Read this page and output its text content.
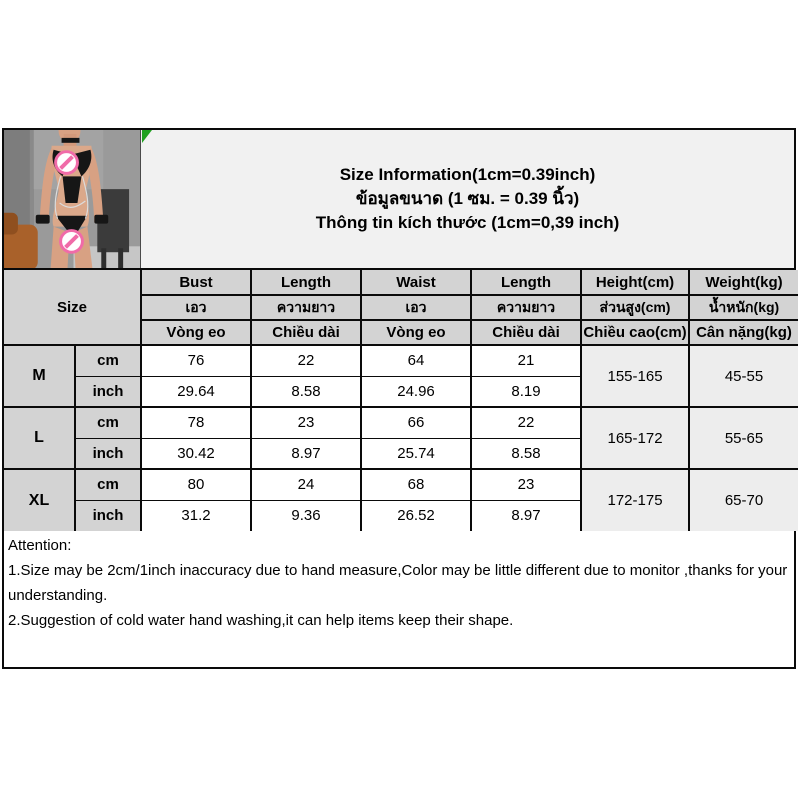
Size Information(1cm=0.39inch)
ข้อมูลขนาด (1 ซม. = 0.39 นิ้ว)
Thông tin kích thước (1cm=0,39 inch)
Size		Bust	Length	Waist	Length	Height(cm)	Weight(kg)
		เอว	ความยาว	เอว	ความยาว	ส่วนสูง(cm)	น้ำหนัก(kg)
		Vòng eo	Chiều dài	Vòng eo	Chiều dài	Chiều cao(cm)	Cân nặng(kg)
M	cm	76	22	64	21	155-165	45-55
	inch	29.64	8.58	24.96	8.19		
L	cm	78	23	66	22	165-172	55-65
	inch	30.42	8.97	25.74	8.58		
XL	cm	80	24	68	23	172-175	65-70
	inch	31.2	9.36	26.52	8.97		
Attention:
1.Size may be 2cm/1inch inaccuracy due to hand measure,Color may be little different due to monitor ,thanks for your understanding.
2.Suggestion of cold water hand washing,it can help items keep their shape.
